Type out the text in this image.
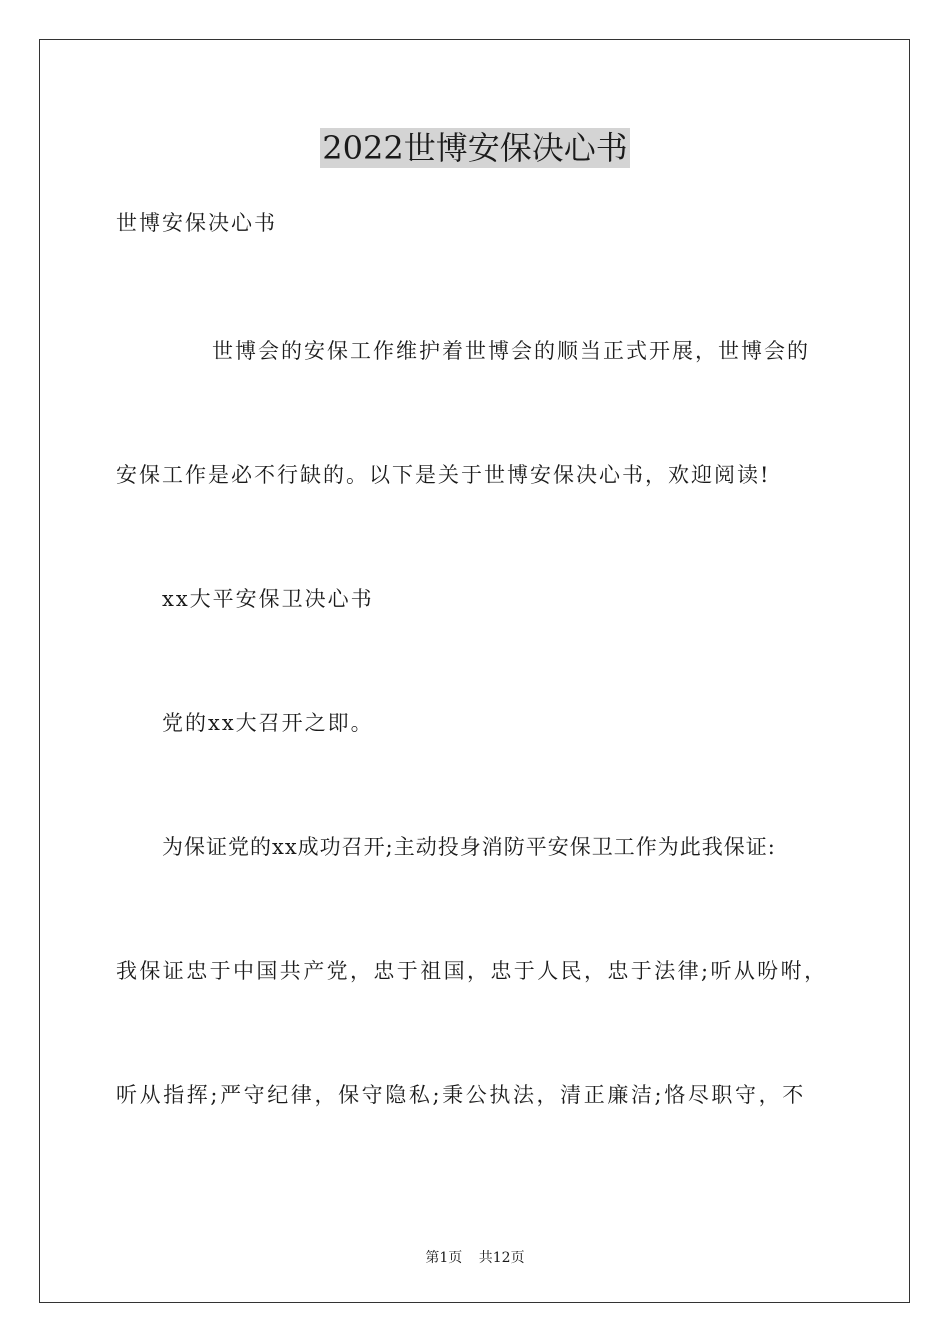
2022世博安保决心书
世博安保决心书
世博会的安保工作维护着世博会的顺当正式开展，世博会的
安保工作是必不行缺的。以下是关于世博安保决心书，欢迎阅读!
xx大平安保卫决心书
党的xx大召开之即。
为保证党的xx成功召开;主动投身消防平安保卫工作为此我保证:
我保证忠于中国共产党，忠于祖国，忠于人民，忠于法律;听从吩咐，
听从指挥;严守纪律，保守隐私;秉公执法，清正廉洁;恪尽职守，不
第1页 共12页
